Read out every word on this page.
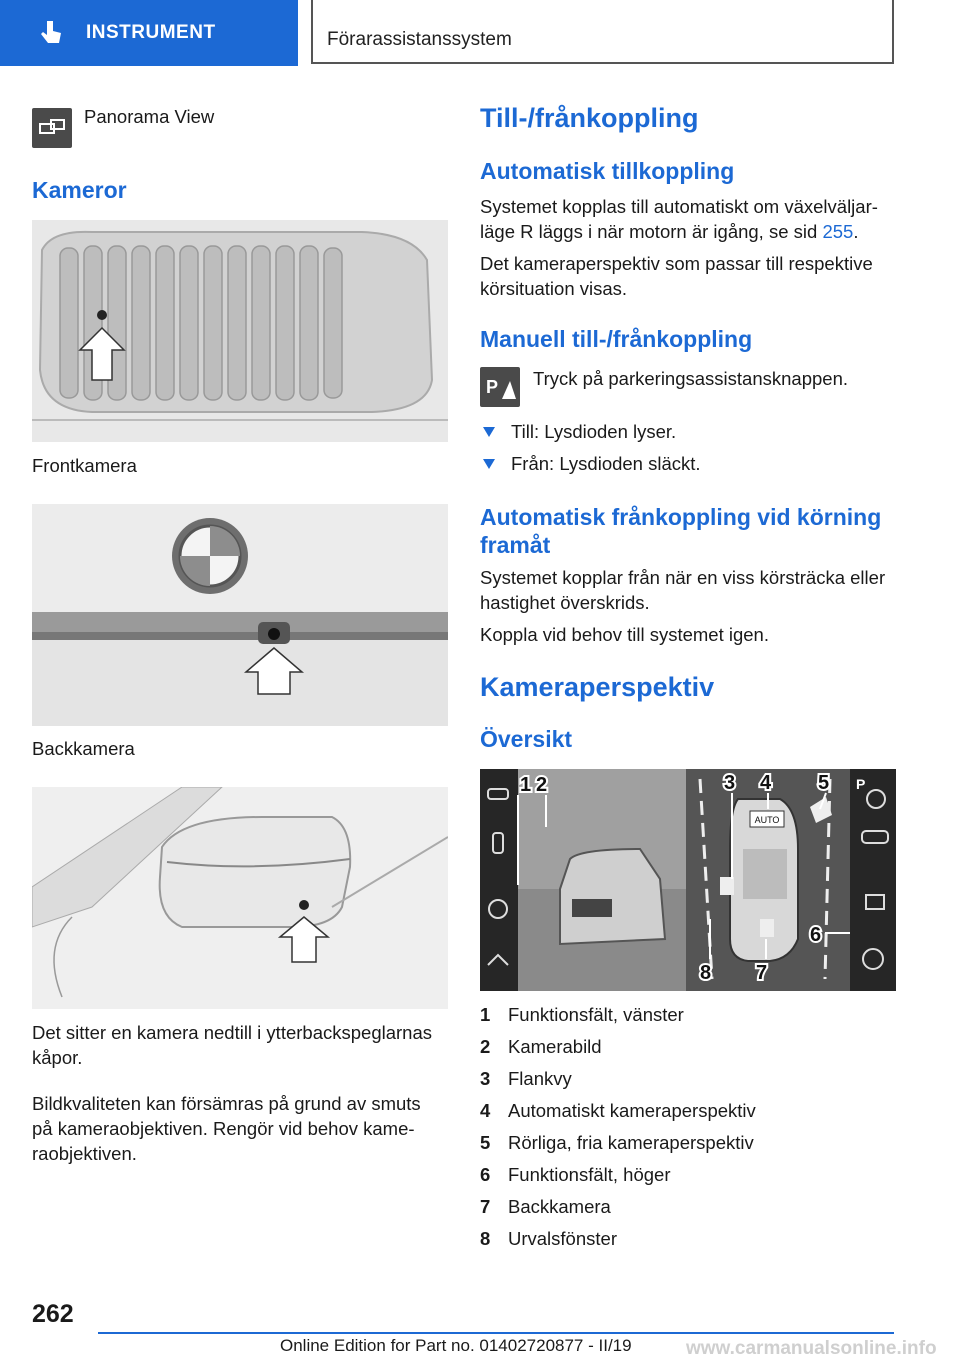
INSTRUMENT	Förarassistanssystem
Panorama View
Kameror
Frontkamera
Backkamera
Det sitter en kamera nedtill i ytterbackspeglarnas kåpor.
Bildkvaliteten kan försämras på grund av smuts på kameraobjektiven. Rengör vid behov kame-raobjektiven.
Till-/frånkoppling
Automatisk tillkoppling
Systemet kopplas till automatiskt om växelväljar-läge R läggs i när motorn är igång, se sid 255.
Det kameraperspektiv som passar till respektive körsituation visas.
Manuell till-/frånkoppling
P Tryck på parkeringsassistansknappen.
Till: Lysdioden lyser.
Från: Lysdioden släckt.
Automatisk frånkoppling vid körning framåt
Systemet kopplar från när en viss körsträcka eller hastighet överskrids.
Koppla vid behov till systemet igen.
Kameraperspektiv
Översikt
AUTO
P
1 2	3 4 5
6
7
8
1 Funktionsfält, vänster
2 Kamerabild
3 Flankvy
4 Automatiskt kameraperspektiv
5 Rörliga, fria kameraperspektiv
6 Funktionsfält, höger
7 Backkamera
8 Urvalsfönster
262
Online Edition for Part no. 01402720877 - II/19	www.carmanualsonline.info
